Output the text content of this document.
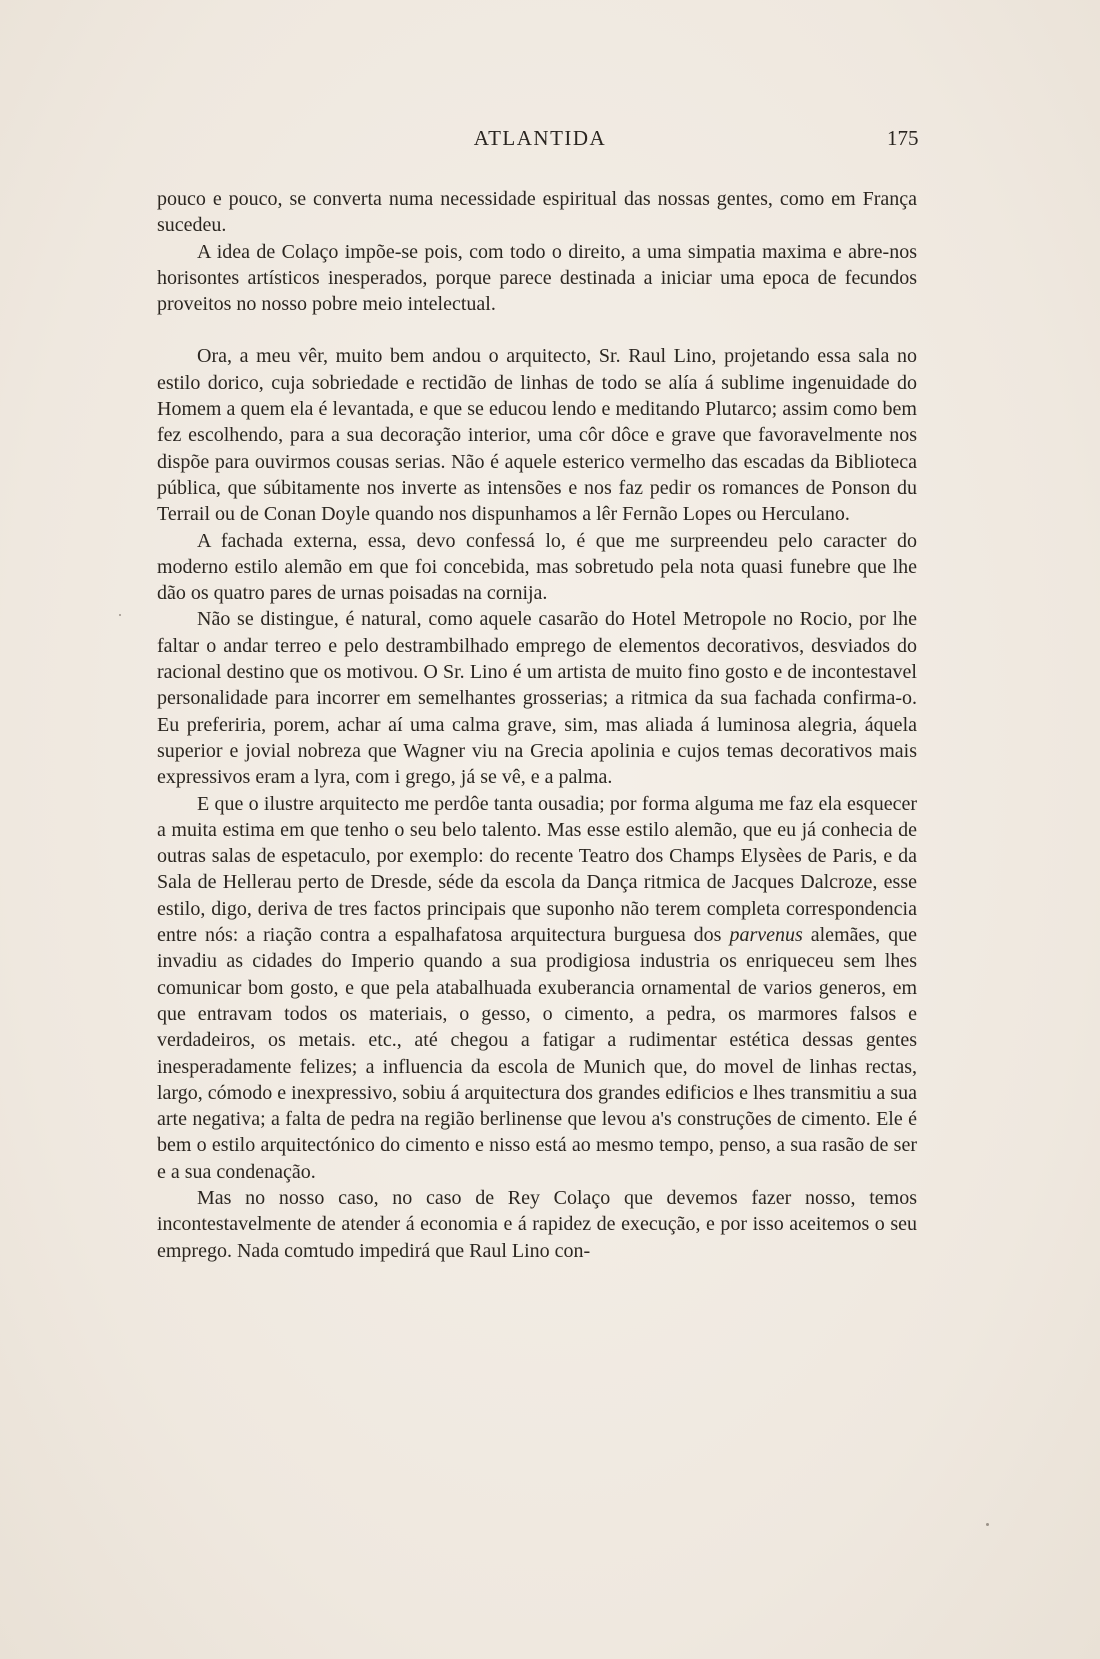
ATLANTIDA	175

pouco e pouco, se converta numa necessidade espiritual das nossas gentes, como em França sucedeu.

A idea de Colaço impõe-se pois, com todo o direito, a uma simpatia maxima e abre-nos horisontes artísticos inesperados, porque parece destinada a iniciar uma epoca de fecundos proveitos no nosso pobre meio intelectual.

Ora, a meu vêr, muito bem andou o arquitecto, Sr. Raul Lino, projetando essa sala no estilo dorico, cuja sobriedade e rectidão de linhas de todo se alía á sublime ingenuidade do Homem a quem ela é levantada, e que se educou lendo e meditando Plutarco; assim como bem fez escolhendo, para a sua decoração interior, uma côr dôce e grave que favoravelmente nos dispõe para ouvirmos cousas serias. Não é aquele esterico vermelho das escadas da Biblioteca pública, que súbitamente nos inverte as intensões e nos faz pedir os romances de Ponson du Terrail ou de Conan Doyle quando nos dispunhamos a lêr Fernão Lopes ou Herculano.

A fachada externa, essa, devo confessá lo, é que me surpreendeu pelo caracter do moderno estilo alemão em que foi concebida, mas sobretudo pela nota quasi funebre que lhe dão os quatro pares de urnas poisadas na cornija.

Não se distingue, é natural, como aquele casarão do Hotel Metropole no Rocio, por lhe faltar o andar terreo e pelo destrambilhado emprego de elementos decorativos, desviados do racional destino que os motivou. O Sr. Lino é um artista de muito fino gosto e de incontestavel personalidade para incorrer em semelhantes grosserias; a ritmica da sua fachada confirma-o. Eu preferiria, porem, achar aí uma calma grave, sim, mas aliada á luminosa alegria, áquela superior e jovial nobreza que Wagner viu na Grecia apolinia e cujos temas decorativos mais expressivos eram a lyra, com i grego, já se vê, e a palma.

E que o ilustre arquitecto me perdôe tanta ousadia; por forma alguma me faz ela esquecer a muita estima em que tenho o seu belo talento. Mas esse estilo alemão, que eu já conhecia de outras salas de espetaculo, por exemplo: do recente Teatro dos Champs Elysèes de Paris, e da Sala de Hellerau perto de Dresde, séde da escola da Dança ritmica de Jacques Dalcroze, esse estilo, digo, deriva de tres factos principais que suponho não terem completa correspondencia entre nós: a riação contra a espalhafatosa arquitectura burguesa dos parvenus alemães, que invadiu as cidades do Imperio quando a sua prodigiosa industria os enriqueceu sem lhes comunicar bom gosto, e que pela atabalhuada exuberancia ornamental de varios generos, em que entravam todos os materiais, o gesso, o cimento, a pedra, os marmores falsos e verdadeiros, os metais. etc., até chegou a fatigar a rudimentar estética dessas gentes inesperadamente felizes; a influencia da escola de Munich que, do movel de linhas rectas, largo, cómodo e inexpressivo, sobiu á arquitectura dos grandes edificios e lhes transmitiu a sua arte negativa; a falta de pedra na região berlinense que levou a's construções de cimento. Ele é bem o estilo arquitectónico do cimento e nisso está ao mesmo tempo, penso, a sua rasão de ser e a sua condenação.

Mas no nosso caso, no caso de Rey Colaço que devemos fazer nosso, temos incontestavelmente de atender á economia e á rapidez de execução, e por isso aceitemos o seu emprego. Nada comtudo impedirá que Raul Lino con-
